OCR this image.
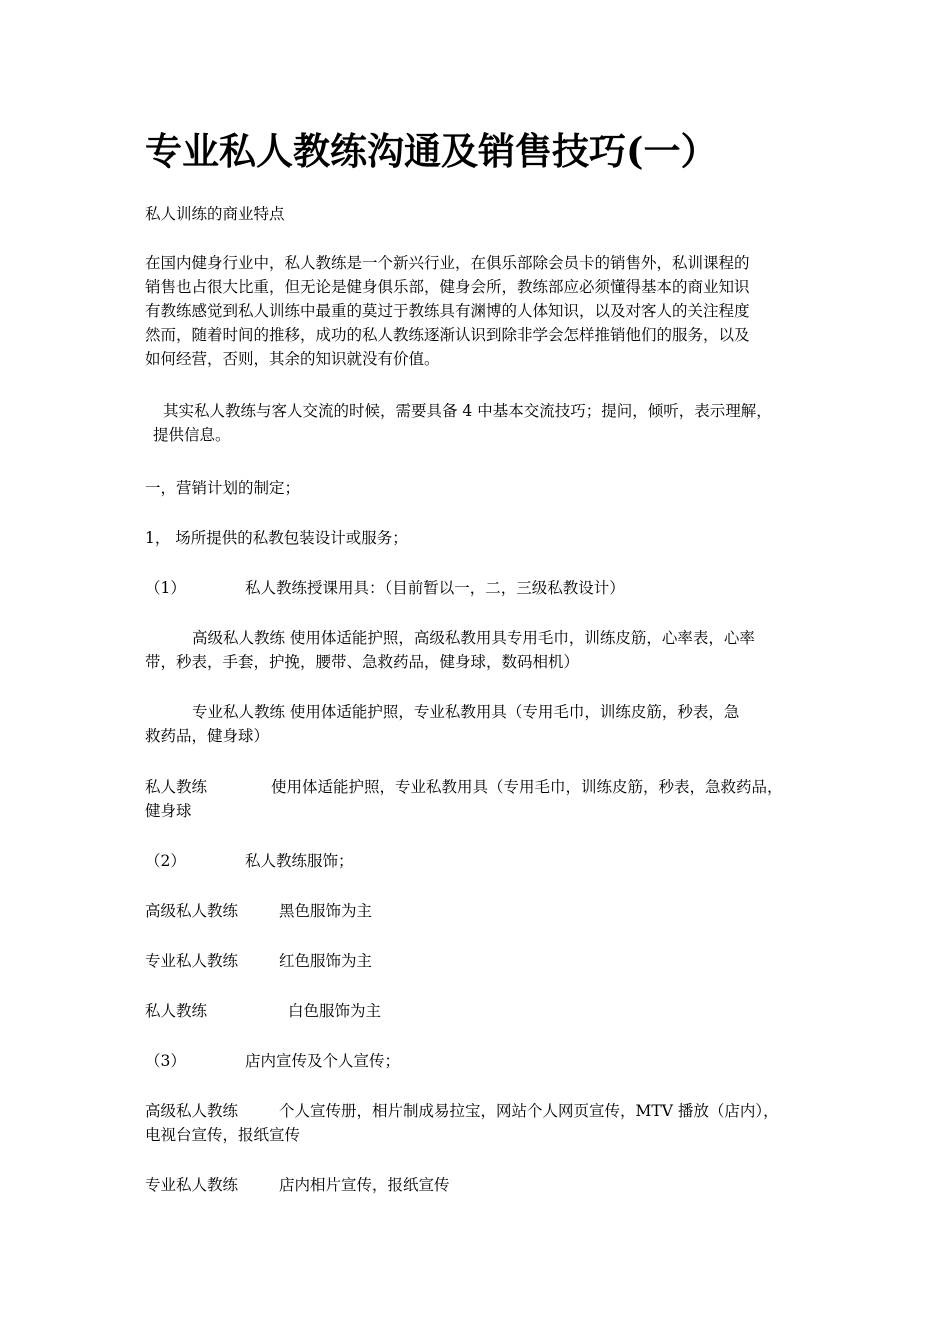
专业私人教练沟通及销售技巧(一）
私人训练的商业特点
在国内健身行业中，私人教练是一个新兴行业，在俱乐部除会员卡的销售外，私训课程的
销售也占很大比重，但无论是健身俱乐部，健身会所，教练部应必须懂得基本的商业知识
有教练感觉到私人训练中最重的莫过于教练具有渊博的人体知识，以及对客人的关注程度
然而，随着时间的推移，成功的私人教练逐渐认识到除非学会怎样推销他们的服务，以及
如何经营，否则，其余的知识就没有价值。
其实私人教练与客人交流的时候，需要具备 4 中基本交流技巧；提问，倾听，表示理解，
提供信息。
一，营销计划的制定；
1， 场所提供的私教包装设计或服务；
（1）	私人教练授课用具：（目前暂以一，二，三级私教设计）
高级私人教练 使用体适能护照，高级私教用具专用毛巾，训练皮筋，心率表，心率
带，秒表，手套，护挽，腰带、急救药品，健身球，数码相机）
专业私人教练 使用体适能护照，专业私教用具（专用毛巾，训练皮筋，秒表，急
救药品，健身球）
私人教练	使用体适能护照，专业私教用具（专用毛巾，训练皮筋，秒表，急救药品，
健身球
（2）	私人教练服饰；
高级私人教练	黑色服饰为主
专业私人教练	红色服饰为主
私人教练	白色服饰为主
（3）	店内宣传及个人宣传；
高级私人教练	个人宣传册，相片制成易拉宝，网站个人网页宣传，MTV 播放（店内），
电视台宣传，报纸宣传
专业私人教练	店内相片宣传，报纸宣传
